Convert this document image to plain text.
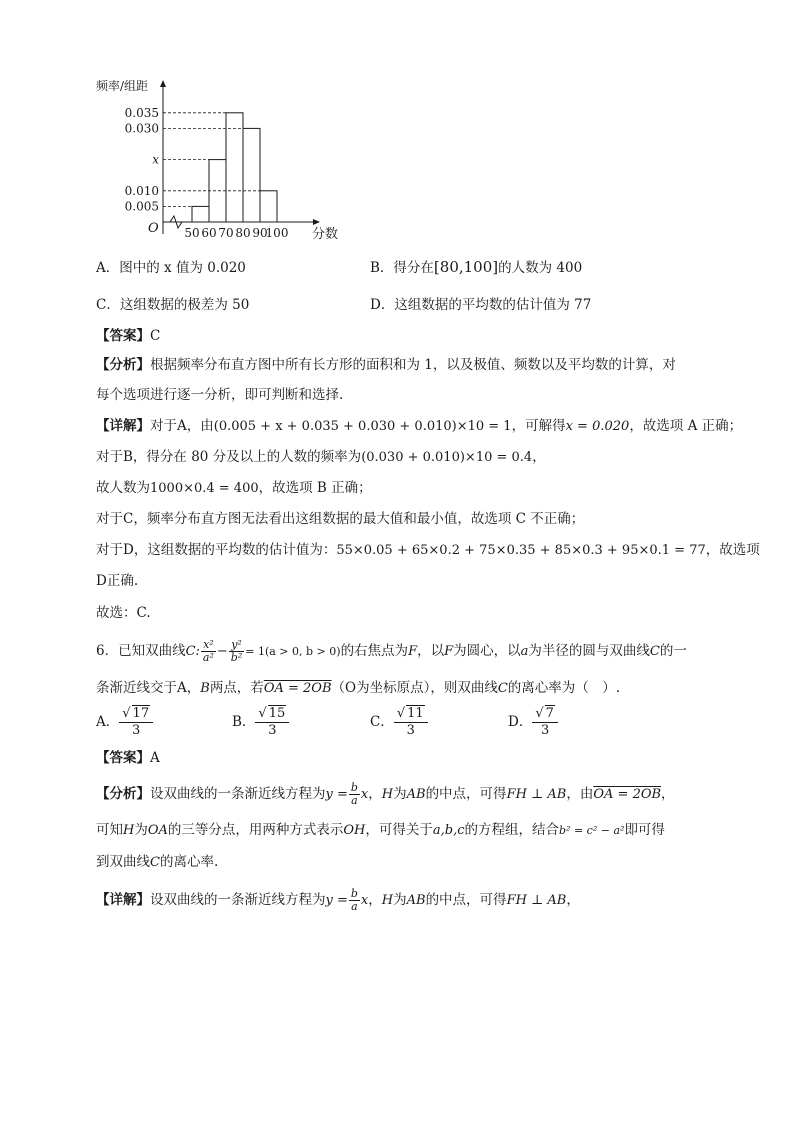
频率/组距
分数
O
0.035
0.030
x
0.010
0.005
50 60 70 80 90
100
A．图中的 x 值为 0.020	B．得分在[80,100]的人数为 400
C．这组数据的极差为 50	D．这组数据的平均数的估计值为 77
【答案】C
【分析】根据频率分布直方图中所有长方形的面积和为 1，以及极值、频数以及平均数的计算，对
每个选项进行逐一分析，即可判断和选择.
【详解】对于A，由(0.005 + x + 0.035 + 0.030 + 0.010)×10 = 1，可解得x = 0.020，故选项 A 正确；
对于B，得分在 80 分及以上的人数的频率为(0.030 + 0.010)×10 = 0.4，
故人数为1000×0.4 = 400，故选项 B 正确；
对于C，频率分布直方图无法看出这组数据的最大值和最小值，故选项 C 不正确；
对于D，这组数据的平均数的估计值为：55×0.05 + 65×0.2 + 75×0.35 + 85×0.3 + 95×0.1 = 77，故选项
D正确.
故选：C.
6．已知双曲线C: $\frac{\text{x²}}{\text{a²}} - \frac{\text{y²}}{\text{b²}} = 1(a > 0$, b > 0)的右焦点为F，以F为圆心，以a为半径的圆与双曲线C的一
条渐近线交于A，B两点，若OA = 2OB（O为坐标原点），则双曲线C的离心率为（　）.
A． $\frac{√ 17}{3}$	B． $\frac{√ 15}{3}$	C． $\frac{√ 11}{3}$	D． $\frac{√ 7}{3}$
【答案】A
【分析】设双曲线的一条渐近线方程为$y = \frac{b}{a}$ x，H为AB的中点，可得FH ⊥ AB，由OA = 2OB，
可知H为OA的三等分点，用两种方式表示OH，可得关于a,b,c的方程组，结合b² = c² − a²即可得
到双曲线C的离心率.
【详解】设双曲线的一条渐近线方程为$y = \frac{b}{a}$ x，H为AB的中点，可得FH ⊥ AB，
